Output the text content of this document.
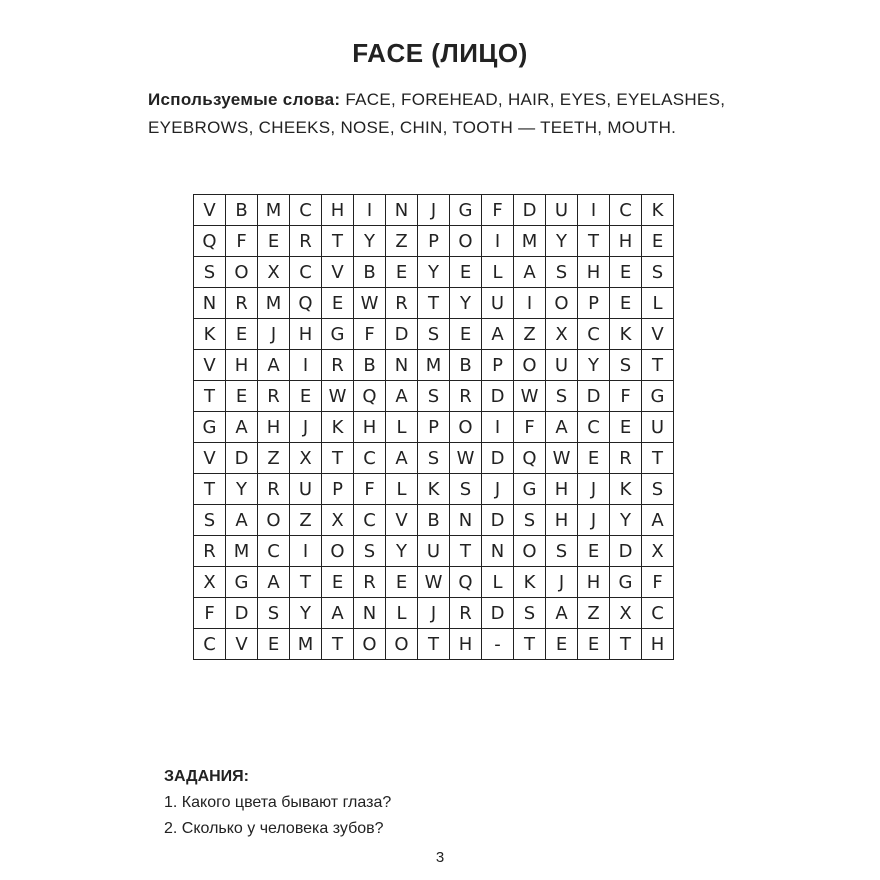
FACE (ЛИЦО)
Используемые слова: FACE, FOREHEAD, HAIR, EYES, EYELASHES, EYEBROWS, CHEEKS, NOSE, CHIN, TOOTH — TEETH, MOUTH.
V	B	M	C	H	I	N	J	G	F	D	U	I	C	K
Q	F	E	R	T	Y	Z	P	O	I	M	Y	T	H	E
S	O	X	C	V	B	E	Y	E	L	A	S	H	E	S
N	R	M	Q	E	W	R	T	Y	U	I	O	P	E	L
K	E	J	H	G	F	D	S	E	A	Z	X	C	K	V
V	H	A	I	R	B	N	M	B	P	O	U	Y	S	T
T	E	R	E	W	Q	A	S	R	D	W	S	D	F	G
G	A	H	J	K	H	L	P	O	I	F	A	C	E	U
V	D	Z	X	T	C	A	S	W	D	Q	W	E	R	T
T	Y	R	U	P	F	L	K	S	J	G	H	J	K	S
S	A	O	Z	X	C	V	B	N	D	S	H	J	Y	A
R	M	C	I	O	S	Y	U	T	N	O	S	E	D	X
X	G	A	T	E	R	E	W	Q	L	K	J	H	G	F
F	D	S	Y	A	N	L	J	R	D	S	A	Z	X	C
C	V	E	M	T	O	O	T	H	-	T	E	E	T	H
ЗАДАНИЯ:
1. Какого цвета бывают глаза?
2. Сколько у человека зубов?
3
